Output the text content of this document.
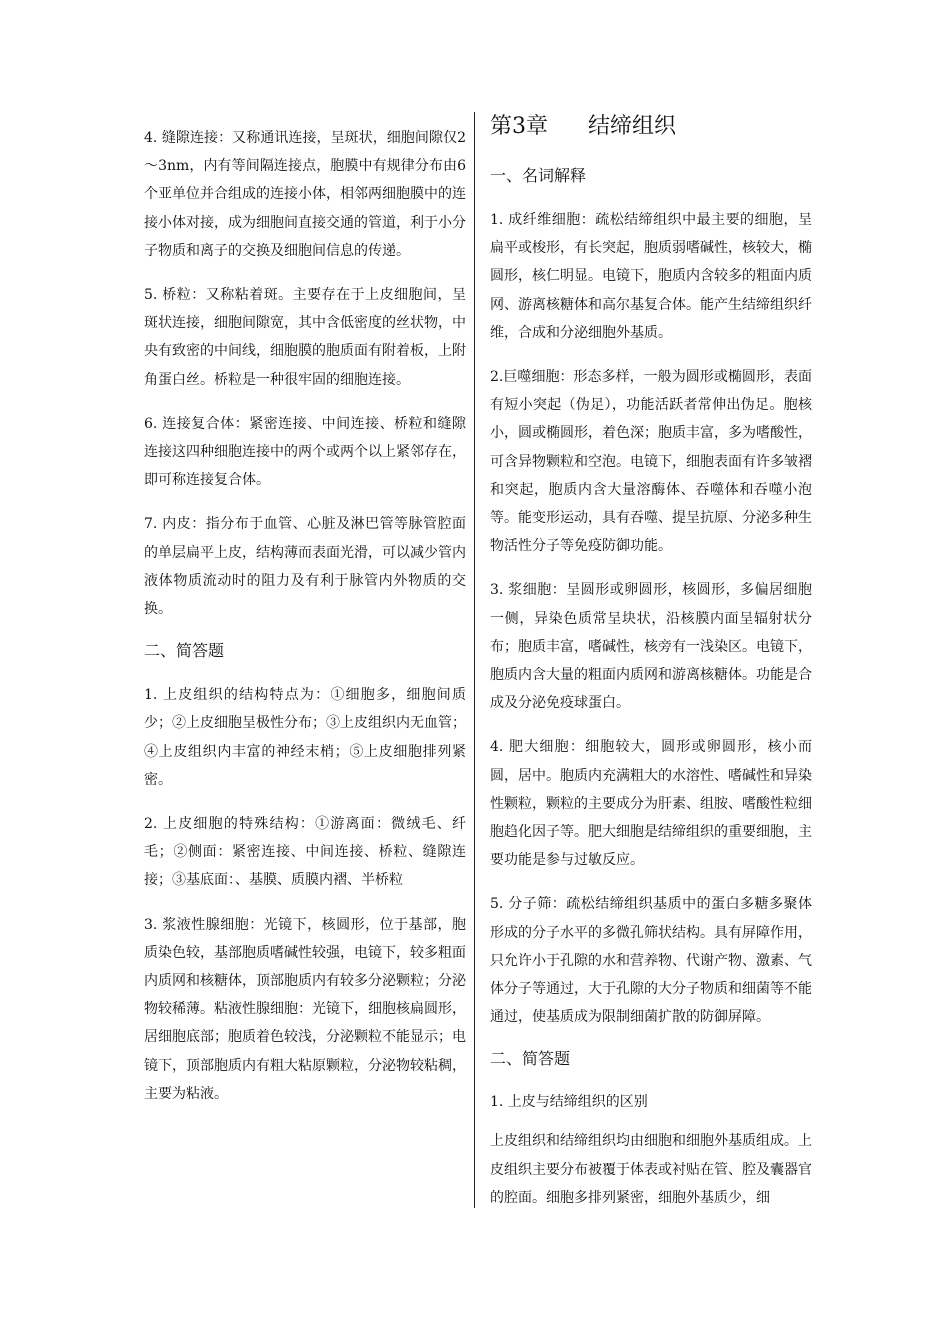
4. 缝隙连接：又称通讯连接，呈斑状，细胞间隙仅2～3nm，内有等间隔连接点，胞膜中有规律分布由6个亚单位并合组成的连接小体，相邻两细胞膜中的连接小体对接，成为细胞间直接交通的管道，利于小分子物质和离子的交换及细胞间信息的传递。

5. 桥粒：又称粘着斑。主要存在于上皮细胞间，呈斑状连接，细胞间隙宽，其中含低密度的丝状物，中央有致密的中间线，细胞膜的胞质面有附着板，上附角蛋白丝。桥粒是一种很牢固的细胞连接。

6. 连接复合体：紧密连接、中间连接、桥粒和缝隙连接这四种细胞连接中的两个或两个以上紧邻存在，即可称连接复合体。

7. 内皮：指分布于血管、心脏及淋巴管等脉管腔面的单层扁平上皮，结构薄而表面光滑，可以减少管内液体物质流动时的阻力及有利于脉管内外物质的交换。

二、简答题

1. 上皮组织的结构特点为：①细胞多，细胞间质少；②上皮细胞呈极性分布；③上皮组织内无血管；④上皮组织内丰富的神经末梢；⑤上皮细胞排列紧密。

2. 上皮细胞的特殊结构：①游离面：微绒毛、纤毛；②侧面：紧密连接、中间连接、桥粒、缝隙连接；③基底面：、基膜、质膜内褶、半桥粒

3. 浆液性腺细胞：光镜下，核圆形，位于基部，胞质染色较，基部胞质嗜碱性较强，电镜下，较多粗面内质网和核糖体，顶部胞质内有较多分泌颗粒；分泌物较稀薄。粘液性腺细胞：光镜下，细胞核扁圆形，居细胞底部；胞质着色较浅，分泌颗粒不能显示；电镜下，顶部胞质内有粗大粘原颗粒，分泌物较粘稠，主要为粘液。

第3章 结缔组织
一、名词解释

1. 成纤维细胞：疏松结缔组织中最主要的细胞，呈扁平或梭形，有长突起，胞质弱嗜碱性，核较大，椭圆形，核仁明显。电镜下，胞质内含较多的粗面内质网、游离核糖体和高尔基复合体。能产生结缔组织纤维，合成和分泌细胞外基质。

2.巨噬细胞：形态多样，一般为圆形或椭圆形，表面有短小突起（伪足），功能活跃者常伸出伪足。胞核小，圆或椭圆形，着色深；胞质丰富，多为嗜酸性，可含异物颗粒和空泡。电镜下，细胞表面有许多皱褶和突起，胞质内含大量溶酶体、吞噬体和吞噬小泡等。能变形运动，具有吞噬、提呈抗原、分泌多种生物活性分子等免疫防御功能。

3. 浆细胞：呈圆形或卵圆形，核圆形，多偏居细胞一侧，异染色质常呈块状，沿核膜内面呈辐射状分布；胞质丰富，嗜碱性，核旁有一浅染区。电镜下，胞质内含大量的粗面内质网和游离核糖体。功能是合成及分泌免疫球蛋白。

4. 肥大细胞：细胞较大，圆形或卵圆形，核小而圆，居中。胞质内充满粗大的水溶性、嗜碱性和异染性颗粒，颗粒的主要成分为肝素、组胺、嗜酸性粒细胞趋化因子等。肥大细胞是结缔组织的重要细胞，主要功能是参与过敏反应。

5. 分子筛：疏松结缔组织基质中的蛋白多糖多聚体形成的分子水平的多微孔筛状结构。具有屏障作用，只允许小于孔隙的水和营养物、代谢产物、激素、气体分子等通过，大于孔隙的大分子物质和细菌等不能通过，使基质成为限制细菌扩散的防御屏障。

二、简答题

1. 上皮与结缔组织的区别

上皮组织和结缔组织均由细胞和细胞外基质组成。上皮组织主要分布被覆于体表或衬贴在管、腔及囊器官的腔面。细胞多排列紧密，细胞外基质少，细
